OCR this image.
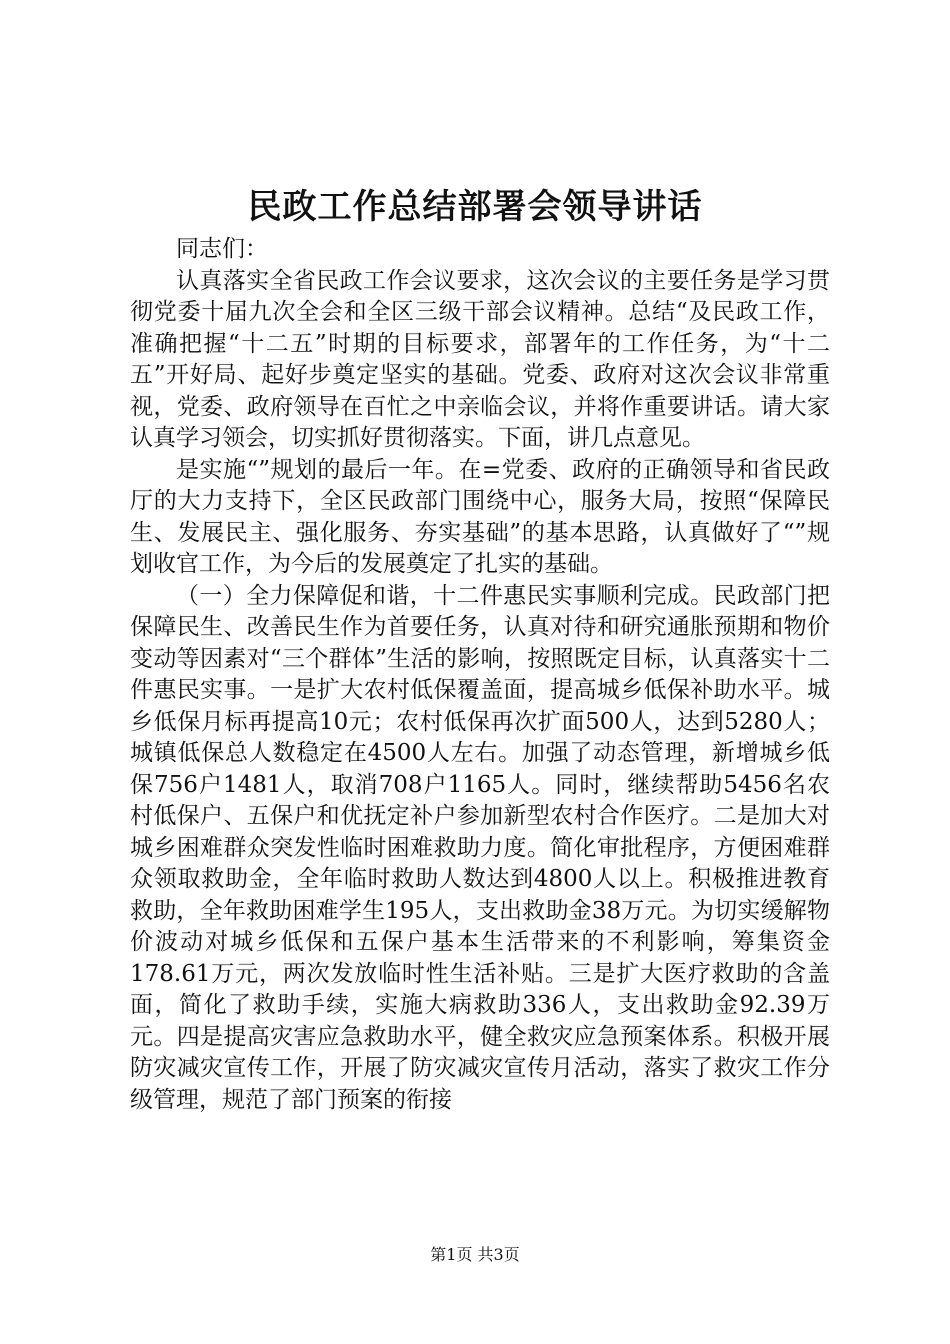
民政工作总结部署会领导讲话

同志们：

认真落实全省民政工作会议要求，这次会议的主要任务是学习贯彻党委十届九次全会和全区三级干部会议精神。总结“及民政工作，准确把握“十二五”时期的目标要求，部署年的工作任务，为“十二五”开好局、起好步奠定坚实的基础。党委、政府对这次会议非常重视，党委、政府领导在百忙之中亲临会议，并将作重要讲话。请大家认真学习领会，切实抓好贯彻落实。下面，讲几点意见。

是实施“”规划的最后一年。在=党委、政府的正确领导和省民政厅的大力支持下，全区民政部门围绕中心，服务大局，按照“保障民生、发展民主、强化服务、夯实基础”的基本思路，认真做好了“”规划收官工作，为今后的发展奠定了扎实的基础。

（一）全力保障促和谐，十二件惠民实事顺利完成。民政部门把保障民生、改善民生作为首要任务，认真对待和研究通胀预期和物价变动等因素对“三个群体”生活的影响，按照既定目标，认真落实十二件惠民实事。一是扩大农村低保覆盖面，提高城乡低保补助水平。城乡低保月标再提高10元；农村低保再次扩面500人，达到5280人；城镇低保总人数稳定在4500人左右。加强了动态管理，新增城乡低保756户1481人，取消708户1165人。同时，继续帮助5456名农村低保户、五保户和优抚定补户参加新型农村合作医疗。二是加大对城乡困难群众突发性临时困难救助力度。简化审批程序，方便困难群众领取救助金，全年临时救助人数达到4800人以上。积极推进教育救助，全年救助困难学生195人，支出救助金38万元。为切实缓解物价波动对城乡低保和五保户基本生活带来的不利影响，筹集资金178.61万元，两次发放临时性生活补贴。三是扩大医疗救助的含盖面，简化了救助手续，实施大病救助336人，支出救助金92.39万元。四是提高灾害应急救助水平，健全救灾应急预案体系。积极开展防灾减灾宣传工作，开展了防灾减灾宣传月活动，落实了救灾工作分级管理，规范了部门预案的衔接

第1页 共3页
